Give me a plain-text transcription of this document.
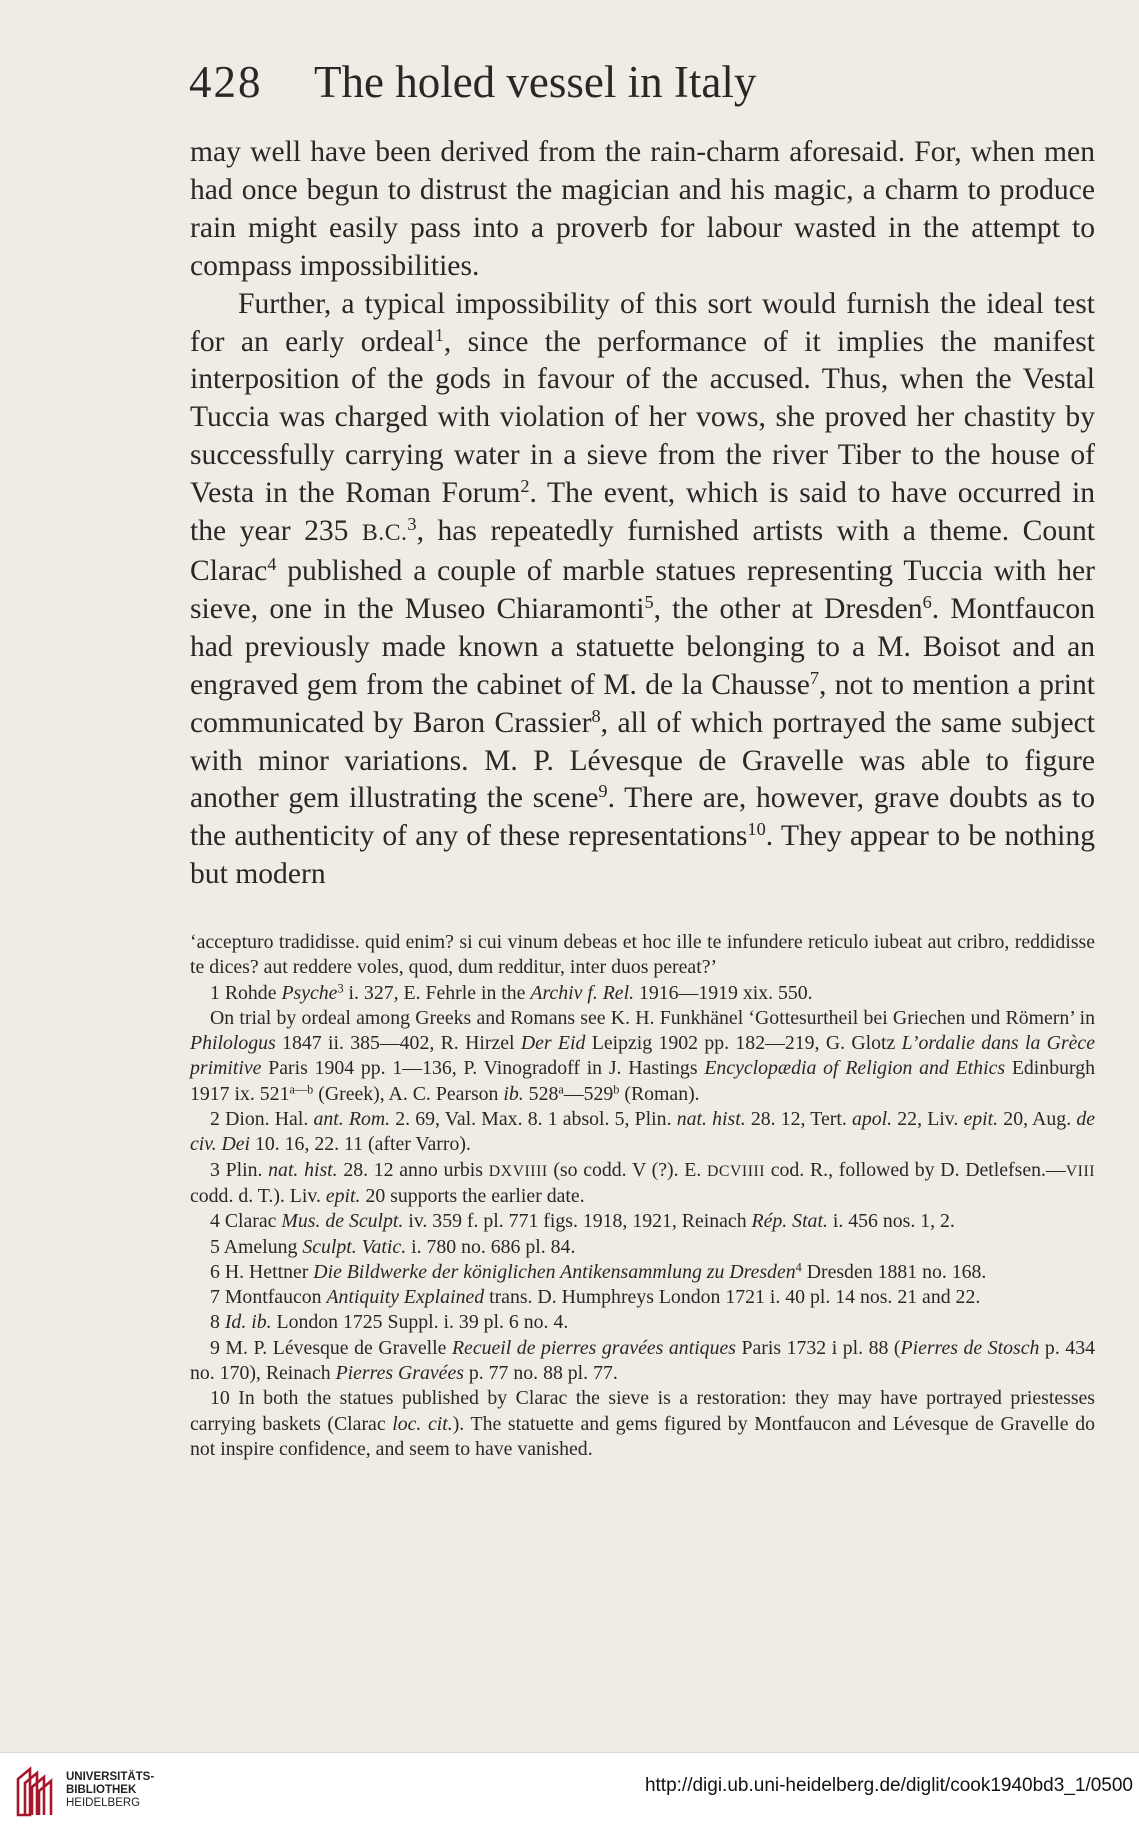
428 The holed vessel in Italy

may well have been derived from the rain-charm aforesaid. For, when men had once begun to distrust the magician and his magic, a charm to produce rain might easily pass into a proverb for labour wasted in the attempt to compass impossibilities.

Further, a typical impossibility of this sort would furnish the ideal test for an early ordeal$^1$, since the performance of it implies the manifest interposition of the gods in favour of the accused. Thus, when the Vestal Tuccia was charged with violation of her vows, she proved her chastity by successfully carrying water in a sieve from the river Tiber to the house of Vesta in the Roman Forum$^2$. The event, which is said to have occurred in the year 235 B.C.$^3$, has repeatedly furnished artists with a theme. Count Clarac$^4$ published a couple of marble statues representing Tuccia with her sieve, one in the Museo Chiaramonti$^5$, the other at Dresden$^6$. Montfaucon had previously made known a statuette belonging to a M. Boisot and an engraved gem from the cabinet of M. de la Chausse$^7$, not to mention a print communicated by Baron Crassier$^8$, all of which portrayed the same subject with minor variations. M. P. Lévesque de Gravelle was able to figure another gem illustrating the scene$^9$. There are, however, grave doubts as to the authenticity of any of these representations$^{10}$. They appear to be nothing but modern

‘accepturo tradidisse. quid enim? si cui vinum debeas et hoc ille te infundere reticulo iubeat aut cribro, reddidisse te dices? aut reddere voles, quod, dum redditur, inter duos pereat?’

1 Rohde Psyche$^3$ i. 327, E. Fehrle in the Archiv f. Rel. 1916—1919 xix. 550.

On trial by ordeal among Greeks and Romans see K. H. Funkhänel ‘Gottesurtheil bei Griechen und Römern’ in Philologus 1847 ii. 385—402, R. Hirzel Der Eid Leipzig 1902 pp. 182—219, G. Glotz L’ordalie dans la Grèce primitive Paris 1904 pp. 1—136, P. Vinogradoff in J. Hastings Encyclopædia of Religion and Ethics Edinburgh 1917 ix. $521^{a—b}$ (Greek), A. C. Pearson ib. 528$^a$—529$^b$ (Roman).

2 Dion. Hal. ant. Rom. 2. 69, Val. Max. 8. 1 absol. 5, Plin. nat. hist. 28. 12, Tert. apol. 22, Liv. epit. 20, Aug. de civ. Dei 10. 16, 22. 11 (after Varro).

3 Plin. nat. hist. 28. 12 anno urbis DXVIIII (so codd. V (?). E. DCVIIII cod. R., followed by D. Detlefsen.—VIII codd. d. T.). Liv. epit. 20 supports the earlier date.

4 Clarac Mus. de Sculpt. iv. 359 f. pl. 771 figs. 1918, 1921, Reinach Rép. Stat. i. 456 nos. 1, 2.

5 Amelung Sculpt. Vatic. i. 780 no. 686 pl. 84.

6 H. Hettner Die Bildwerke der königlichen Antikensammlung zu Dresden$^4$ Dresden 1881 no. 168.

7 Montfaucon Antiquity Explained trans. D. Humphreys London 1721 i. 40 pl. 14 nos. 21 and 22.

8 Id. ib. London 1725 Suppl. i. 39 pl. 6 no. 4.

9 M. P. Lévesque de Gravelle Recueil de pierres gravées antiques Paris 1732 i pl. 88 (Pierres de Stosch p. 434 no. 170), Reinach Pierres Gravées p. 77 no. 88 pl. 77.

10 In both the statues published by Clarac the sieve is a restoration: they may have portrayed priestesses carrying baskets (Clarac loc. cit.). The statuette and gems figured by Montfaucon and Lévesque de Gravelle do not inspire confidence, and seem to have vanished.

UNIVERSITÄTS-
BIBLIOTHEK
HEIDELBERG
http://digi.ub.uni-heidelberg.de/diglit/cook1940bd3_1/0500
